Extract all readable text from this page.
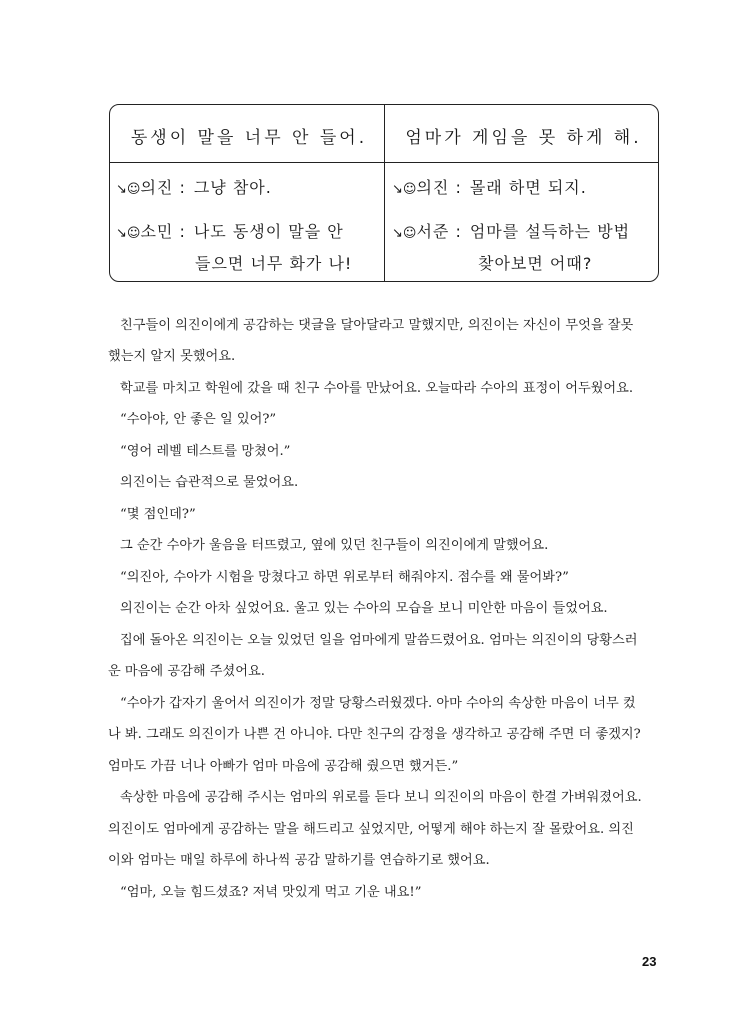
동생이 말을 너무 안 들어.	엄마가 게임을 못 하게 해.
↘☺의진 : 그냥 참아.
↘☺소민 : 나도 동생이 말을 안
들으면 너무 화가 나!
↘☺의진 : 몰래 하면 되지.
↘☺서준 : 엄마를 설득하는 방법
찾아보면 어때?
친구들이 의진이에게 공감하는 댓글을 달아달라고 말했지만, 의진이는 자신이 무엇을 잘못
했는지 알지 못했어요.
학교를 마치고 학원에 갔을 때 친구 수아를 만났어요. 오늘따라 수아의 표정이 어두웠어요.
“수아야, 안 좋은 일 있어?”
“영어 레벨 테스트를 망쳤어.”
의진이는 습관적으로 물었어요.
“몇 점인데?”
그 순간 수아가 울음을 터뜨렸고, 옆에 있던 친구들이 의진이에게 말했어요.
“의진아, 수아가 시험을 망쳤다고 하면 위로부터 해줘야지. 점수를 왜 물어봐?”
의진이는 순간 아차 싶었어요. 울고 있는 수아의 모습을 보니 미안한 마음이 들었어요.
집에 돌아온 의진이는 오늘 있었던 일을 엄마에게 말씀드렸어요. 엄마는 의진이의 당황스러
운 마음에 공감해 주셨어요.
“수아가 갑자기 울어서 의진이가 정말 당황스러웠겠다. 아마 수아의 속상한 마음이 너무 컸
나 봐. 그래도 의진이가 나쁜 건 아니야. 다만 친구의 감정을 생각하고 공감해 주면 더 좋겠지?
엄마도 가끔 너나 아빠가 엄마 마음에 공감해 줬으면 했거든.”
속상한 마음에 공감해 주시는 엄마의 위로를 듣다 보니 의진이의 마음이 한결 가벼워졌어요.
의진이도 엄마에게 공감하는 말을 해드리고 싶었지만, 어떻게 해야 하는지 잘 몰랐어요. 의진
이와 엄마는 매일 하루에 하나씩 공감 말하기를 연습하기로 했어요.
“엄마, 오늘 힘드셨죠? 저녁 맛있게 먹고 기운 내요!”
23
